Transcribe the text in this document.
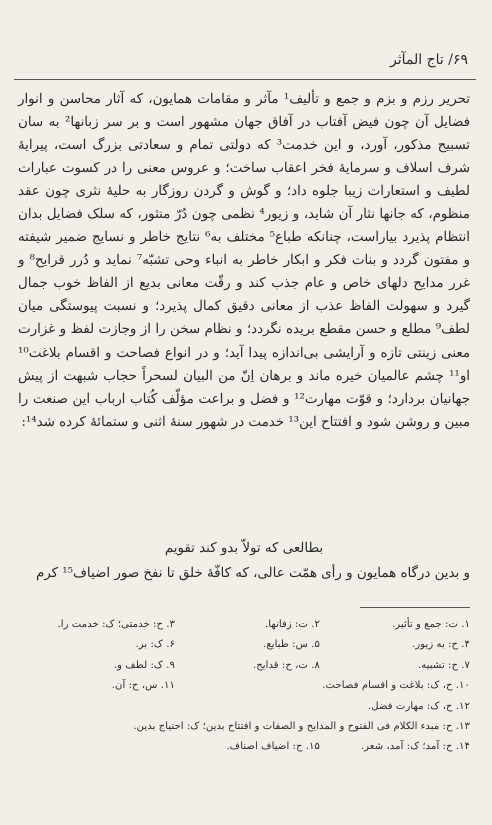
۶۹/ تاج المآثر

تحریر رزم و بزم و جمع و تألیف¹ مآثر و مقامات همایون، که آثار محاسن و انوار فضایل آن چون فیض آفتاب در آفاق جهان مشهور است و بر سر زبانها² به سان تسبیح مذکور، آورد، و این خدمت³ که دولتی تمام و سعادتی بزرگ است، پیرایهٔ شرف اسلاف و سرمایهٔ فخر اعقاب ساخت؛ و عروس معنی را در کسوت عبارات لطیف و استعارات زیبا جلوه داد؛ و گوش و گردن روزگار به حلیهٔ نثری چون عقد منظوم، که جانها نثار آن شاید، و زیور⁴ نظمی چون دُرّ منثور، که سلک فضایل بدان انتظام پذیرد بیاراست، چنانکه طباع⁵ مختلف به⁶ نتایج خاطر و نسایج ضمیر شیفته و مفتون گردد و بنات فکر و ابکار خاطر به انباء وحی تشبّه⁷ نماید و دُرر قرایح⁸ و غرر مدایح دلهای خاص و عام جذب کند و رقّت معانی بدیع از الفاظ خوب جمال گیرد و سهولت الفاظ عذب از معانی دقیق کمال پذیرد؛ و نسبت پیوستگی میان لطف⁹ مطلع و حسن مقطع بریده نگردد؛ و نظام سخن را از وجازت لفظ و غزارت معنی زینتی تازه و آرایشی بی‌اندازه پیدا آید؛ و در انواع فصاحت و اقسام بلاغت¹⁰ او¹¹ چشم عالمیان خیره ماند و برهان اِنّ من البیان لسحراً حجاب شبهت از پیش جهانیان بردارد؛ و قوّت مهارت¹² و فضل و براعت مؤلّف کُتاب ارباب این صنعت را مبین و روشن شود و افتتاح این¹³ خدمت در شهور سنهٔ اثنی و ستمائهٔ کرده شد¹⁴:

بطالعی که تولاّ بدو کند تقویم
و بدین درگاه همایون و رأی همّت عالی، که کافّهٔ خلق تا نفخ صور اضیاف¹⁵ کرم
۱. ت: جمع و تأثیر.
۲. ت: زفانها.
۳. ح: خدمتی؛ ک: خدمت را.
۴. ح: به زیور.
۵. س: طبایع.
۶. ک: بر.
۷. ح: تشبیه.
۸. ت، ح: قدایح.
۹. ک: لطف و.
۱۰. ح، ک: بلاغت و اقسام فصاحت.
۱۱. س، ح: آن.
۱۲. ح، ک: مهارت فضل.
۱۳. ح: مبدء الکلام فی الفتوح و المدایح و الصفات و افتتاح بدین؛ ک: احتیاج بدین.
۱۴. ح: آمد؛ ک: آمد، شعر.
۱۵. ح: اضیاف اصناف.
